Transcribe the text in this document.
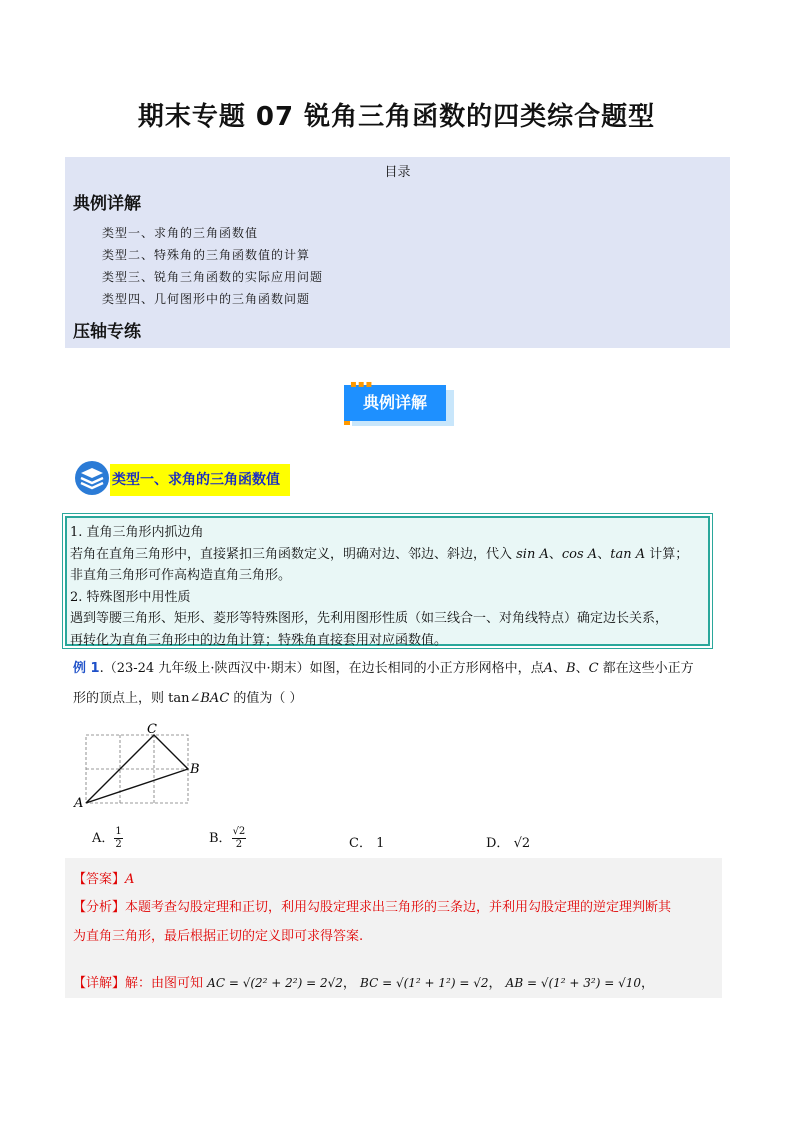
期末专题 07 锐角三角函数的四类综合题型
目录
典例详解
类型一、求角的三角函数值
类型二、特殊角的三角函数值的计算
类型三、锐角三角函数的实际应用问题
类型四、几何图形中的三角函数问题
压轴专练
典例详解
▪▪▪
类型一、求角的三角函数值
1. 直角三角形内抓边角
若角在直角三角形中，直接紧扣三角函数定义，明确对边、邻边、斜边，代入 sin A、cos A、tan A 计算；
非直角三角形可作高构造直角三角形。
2. 特殊图形中用性质
遇到等腰三角形、矩形、菱形等特殊图形，先利用图形性质（如三线合一、对角线特点）确定边长关系，
再转化为直角三角形中的边角计算；特殊角直接套用对应函数值。
例 1.（23-24 九年级上·陕西汉中·期末）如图，在边长相同的小正方形网格中，点A、B、C 都在这些小正方
形的顶点上，则 tan∠BAC 的值为（ ）
A
C
B
A． $\frac{1}{2}$	B． $\frac{√2}{2}$	C． 1	D． √2
【答案】A
【分析】本题考查勾股定理和正切，利用勾股定理求出三角形的三条边，并利用勾股定理的逆定理判断其
为直角三角形，最后根据正切的定义即可求得答案.
【详解】解：由图可知 AC = √(2² + 2²) = 2√2， BC = √(1² + 1²) = √2， AB = √(1² + 3²) = √10，
